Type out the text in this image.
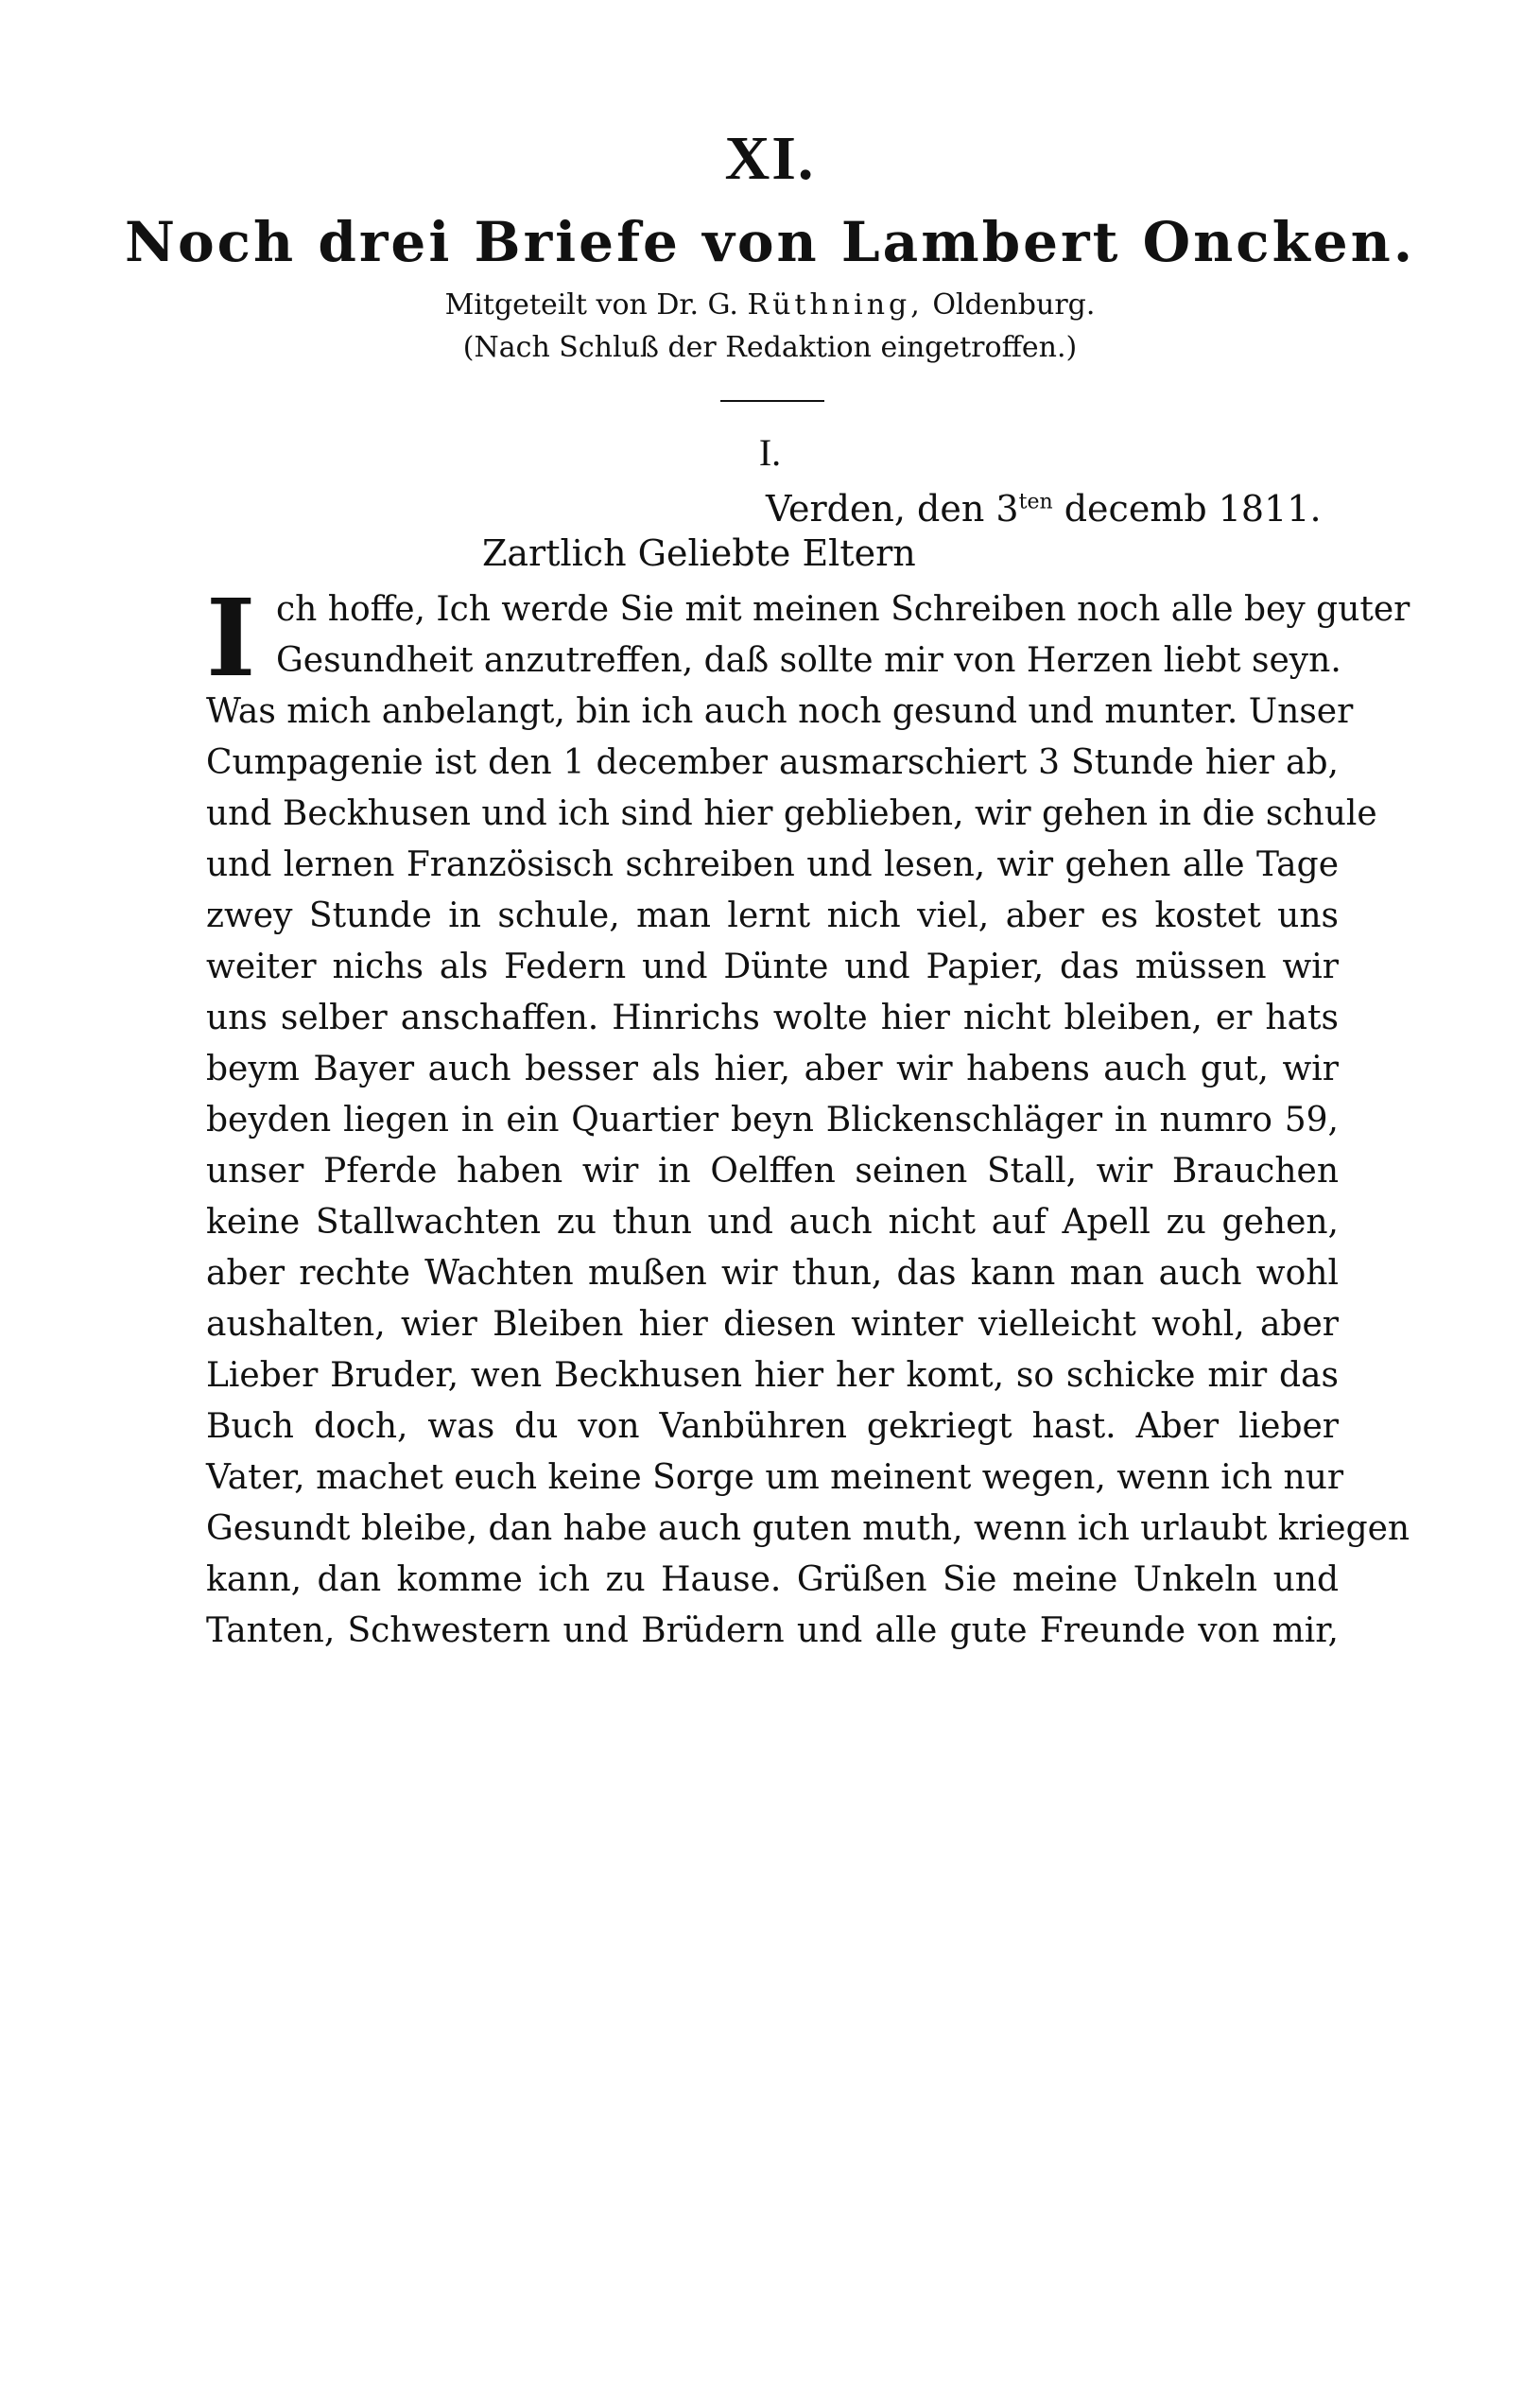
XI.
Noch drei Briefe von Lambert Oncken.
Mitgeteilt von Dr. G. Rüthning, Oldenburg.
(Nach Schluß der Redaktion eingetroffen.)
I.
Verden, den $3^{ten}$ decemb 1811.
Zartlich Geliebte Eltern
I ch hoffe, Ich werde Sie mit meinen Schreiben noch alle bey guter
Gesundheit anzutreffen, daß sollte mir von Herzen liebt seyn.
Was mich anbelangt, bin ich auch noch gesund und munter. Unser
Cumpagenie ist den 1 december ausmarschiert 3 Stunde hier ab,
und Beckhusen und ich sind hier geblieben, wir gehen in die schule
und lernen Französisch schreiben und lesen, wir gehen alle Tage
zwey Stunde in schule, man lernt nich viel, aber es kostet uns
weiter nichs als Federn und Dünte und Papier, das müssen wir
uns selber anschaffen. Hinrichs wolte hier nicht bleiben, er hats
beym Bayer auch besser als hier, aber wir habens auch gut, wir
beyden liegen in ein Quartier beyn Blickenschläger in numro 59,
unser Pferde haben wir in Oelffen seinen Stall, wir Brauchen
keine Stallwachten zu thun und auch nicht auf Apell zu gehen,
aber rechte Wachten mußen wir thun, das kann man auch wohl
aushalten, wier Bleiben hier diesen winter vielleicht wohl, aber
Lieber Bruder, wen Beckhusen hier her komt, so schicke mir das
Buch doch, was du von Vanbühren gekriegt hast. Aber lieber
Vater, machet euch keine Sorge um meinent wegen, wenn ich nur
Gesundt bleibe, dan habe auch guten muth, wenn ich urlaubt kriegen
kann, dan komme ich zu Hause. Grüßen Sie meine Unkeln und
Tanten, Schwestern und Brüdern und alle gute Freunde von mir,
